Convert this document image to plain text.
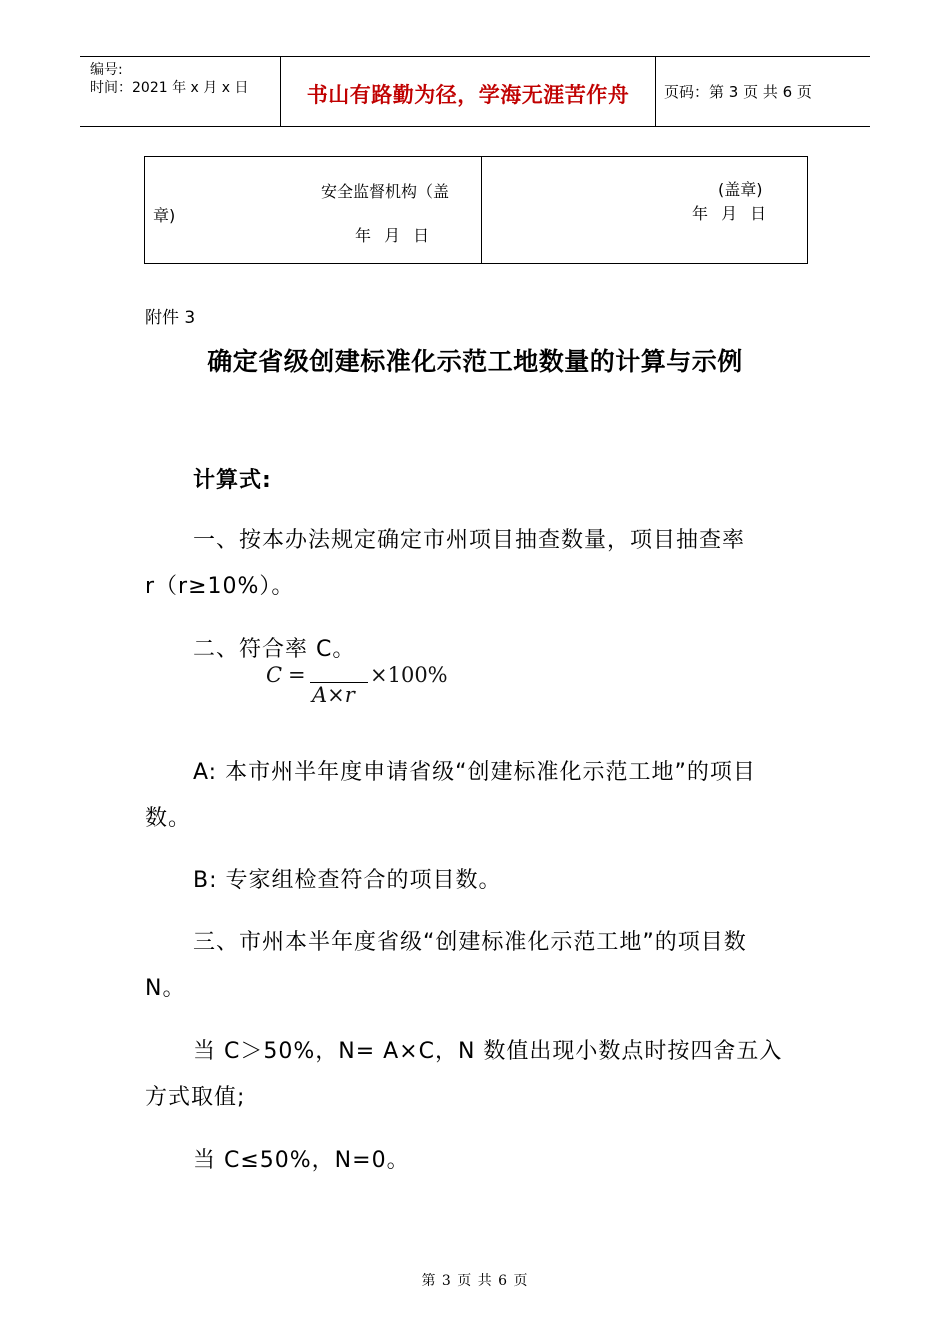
编号:
时间：2021 年 x 月 x 日	书山有路勤为径，学海无涯苦作舟	页码：第 3 页 共 6 页
安全监督机构（盖
章)
年 月 日
(盖章)
年 月 日
附件 3
确定省级创建标准化示范工地数量的计算与示例
计算式:
一、按本办法规定确定市州项目抽查数量，项目抽查率
r（r≥10%）。
二、符合率 C。
C =
A×r
×100%
A: 本市州半年度申请省级“创建标准化示范工地”的项目
数。
B: 专家组检查符合的项目数。
三、市州本半年度省级“创建标准化示范工地”的项目数
N。
当 C＞50%，N= A×C，N 数值出现小数点时按四舍五入
方式取值;
当 C≤50%，N=0。
第 3 页 共 6 页
